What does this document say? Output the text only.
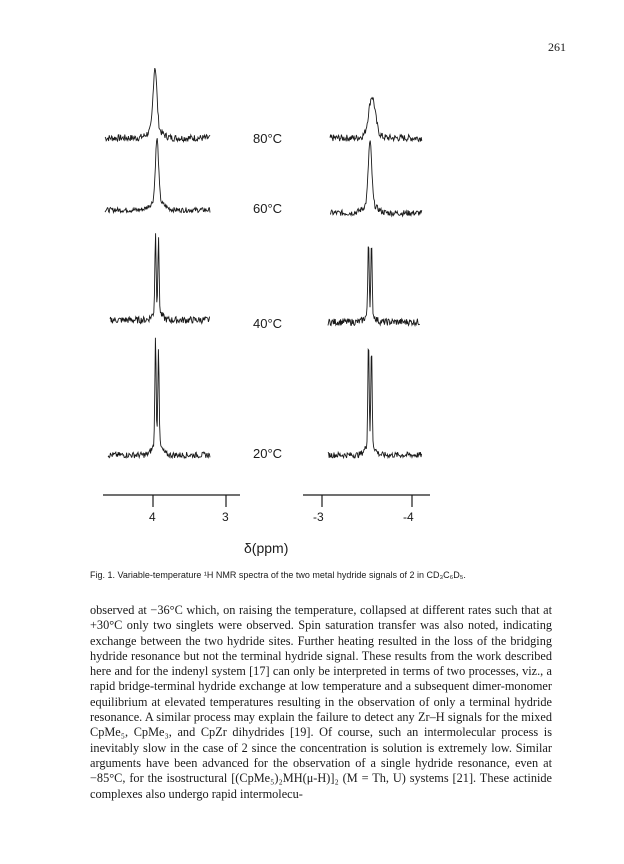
261
80°C
60°C
40°C
20°C
4	3	-3	-4
δ(ppm)
Fig. 1. Variable-temperature ¹H NMR spectra of the two metal hydride signals of 2 in CD₃C₆D₅.

observed at −36°C which, on raising the temperature, collapsed at different rates such that at +30°C only two singlets were observed. Spin saturation transfer was also noted, indicating exchange between the two hydride sites. Further heating resulted in the loss of the bridging hydride resonance but not the terminal hydride signal. These results from the work described here and for the indenyl system [17] can only be interpreted in terms of two processes, viz., a rapid bridge-terminal hydride exchange at low temperature and a subsequent dimer-monomer equilibrium at elevated temperatures resulting in the observation of only a terminal hydride resonance. A similar process may explain the failure to detect any Zr–H signals for the mixed CpMe₅, CpMe₃, and CpZr dihydrides [19]. Of course, such an intermolecular process is inevitably slow in the case of 2 since the concentration is solution is extremely low. Similar arguments have been advanced for the observation of a single hydride resonance, even at −85°C, for the isostructural [(CpMe₅)₂MH(μ-H)]₂ (M = Th, U) systems [21]. These actinide complexes also undergo rapid intermolecu-
